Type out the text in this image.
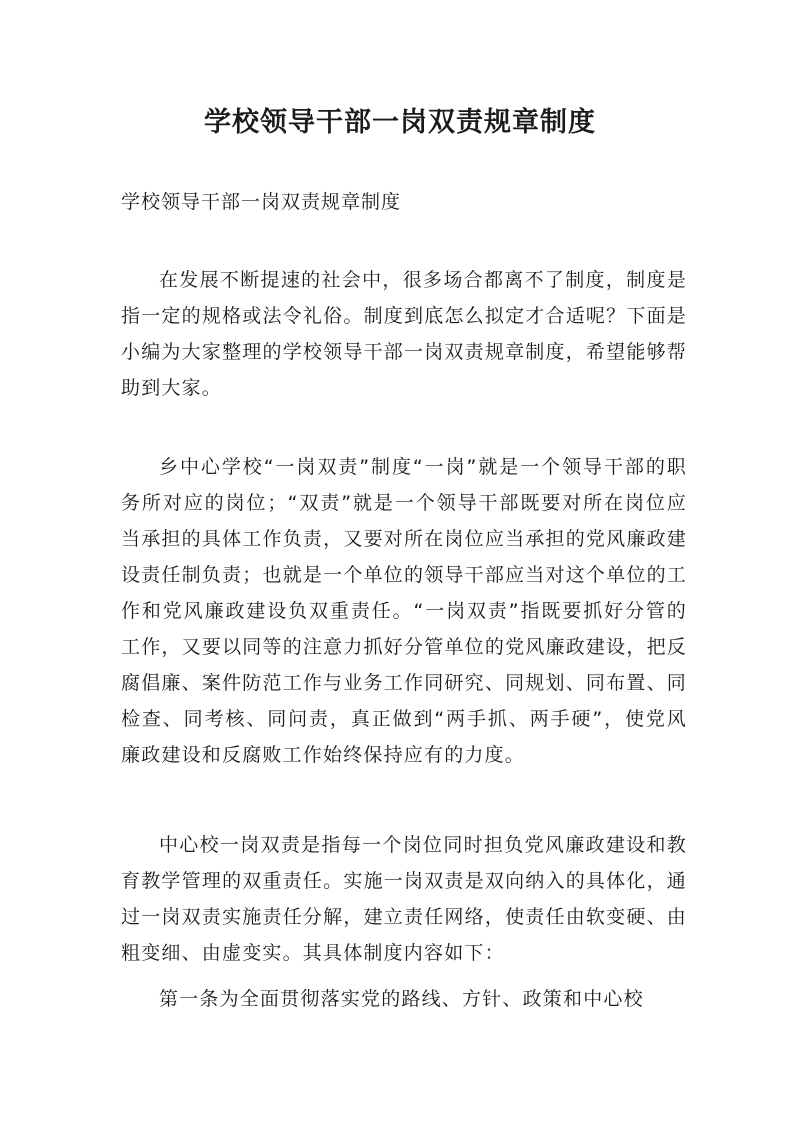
学校领导干部一岗双责规章制度

学校领导干部一岗双责规章制度

在发展不断提速的社会中，很多场合都离不了制度，制度是指一定的规格或法令礼俗。制度到底怎么拟定才合适呢？下面是小编为大家整理的学校领导干部一岗双责规章制度，希望能够帮助到大家。

乡中心学校“一岗双责”制度“一岗”就是一个领导干部的职务所对应的岗位；“双责”就是一个领导干部既要对所在岗位应当承担的具体工作负责，又要对所在岗位应当承担的党风廉政建设责任制负责；也就是一个单位的领导干部应当对这个单位的工作和党风廉政建设负双重责任。“一岗双责”指既要抓好分管的工作，又要以同等的注意力抓好分管单位的党风廉政建设，把反腐倡廉、案件防范工作与业务工作同研究、同规划、同布置、同检查、同考核、同问责，真正做到“两手抓、两手硬”，使党风廉政建设和反腐败工作始终保持应有的力度。

中心校一岗双责是指每一个岗位同时担负党风廉政建设和教育教学管理的双重责任。实施一岗双责是双向纳入的具体化，通过一岗双责实施责任分解，建立责任网络，使责任由软变硬、由粗变细、由虚变实。其具体制度内容如下：

第一条为全面贯彻落实党的路线、方针、政策和中心校
